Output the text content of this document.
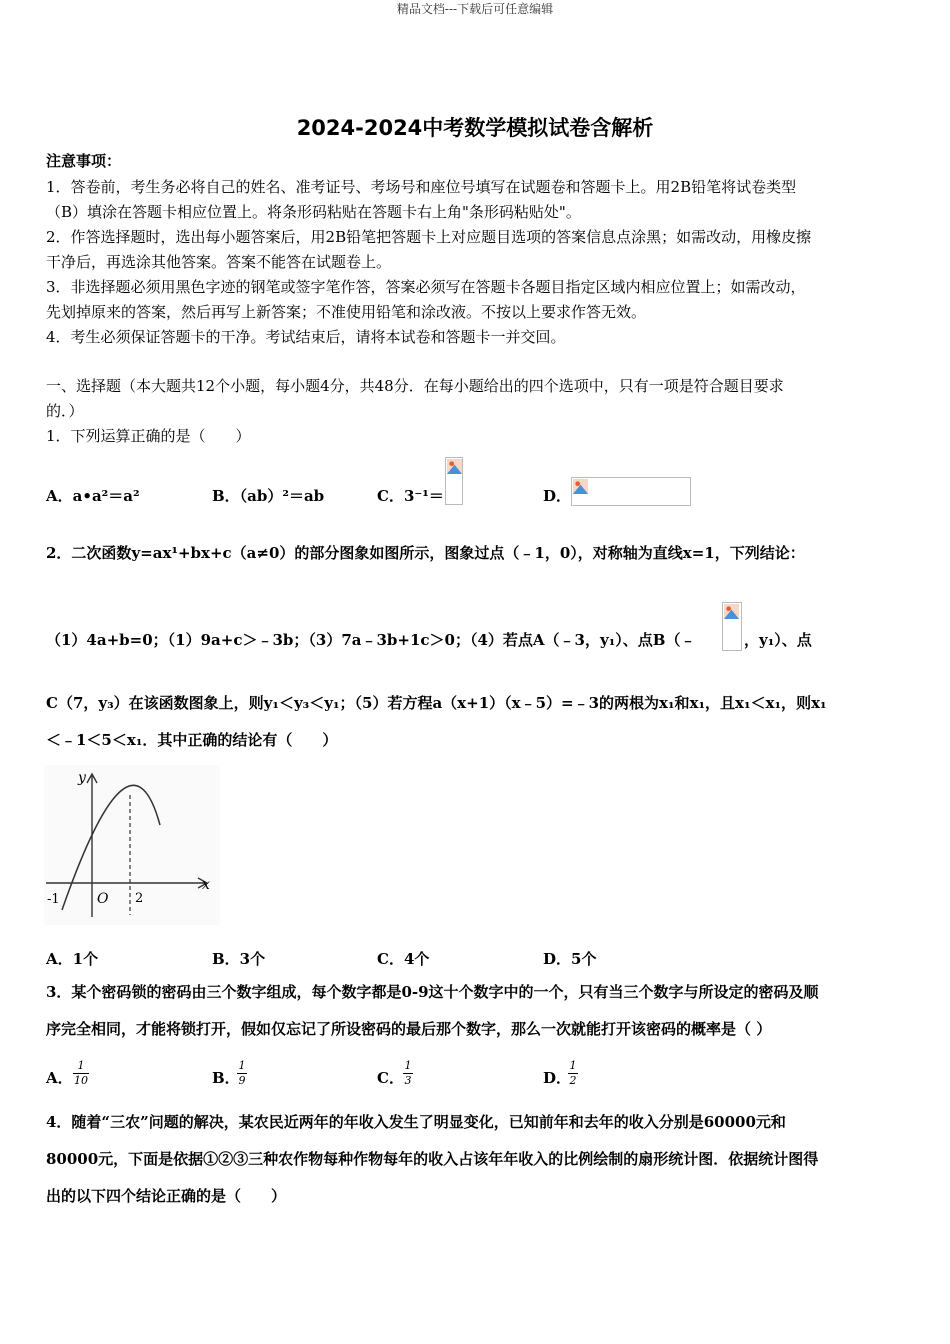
精品文档---下载后可任意编辑
2024-2024中考数学模拟试卷含解析
注意事项：
1．答卷前，考生务必将自己的姓名、准考证号、考场号和座位号填写在试题卷和答题卡上。用2B铅笔将试卷类型
（B）填涂在答题卡相应位置上。将条形码粘贴在答题卡右上角"条形码粘贴处"。
2．作答选择题时，选出每小题答案后，用2B铅笔把答题卡上对应题目选项的答案信息点涂黑；如需改动，用橡皮擦
干净后，再选涂其他答案。答案不能答在试题卷上。
3．非选择题必须用黑色字迹的钢笔或签字笔作答，答案必须写在答题卡各题目指定区域内相应位置上；如需改动，
先划掉原来的答案，然后再写上新答案；不准使用铅笔和涂改液。不按以上要求作答无效。
4．考生必须保证答题卡的干净。考试结束后，请将本试卷和答题卡一并交回。
一、选择题（本大题共12个小题，每小题4分，共48分．在每小题给出的四个选项中，只有一项是符合题目要求
的．）
1．下列运算正确的是（　　）
A．a•a²＝a²	B．（ab）²＝ab	C．3⁻¹＝	D．
2．二次函数y=ax¹+bx+c（a≠0）的部分图象如图所示，图象过点（﹣1，0），对称轴为直线x=1，下列结论：
（1）4a+b=0；（1）9a+c＞﹣3b；（3）7a﹣3b+1c＞0；（4）若点A（﹣3，y₁）、点B（﹣	，y₁）、点
C（7，y₃）在该函数图象上，则y₁＜y₃＜y₁；（5）若方程a（x+1）（x﹣5）=﹣3的两根为x₁和x₁，且x₁＜x₁，则x₁
＜﹣1＜5＜x₁．其中正确的结论有（　　）
y
x
-1	O 2
A．1个	B．3个	C．4个	D．5个
3．某个密码锁的密码由三个数字组成，每个数字都是0-9这十个数字中的一个，只有当三个数字与所设定的密码及顺
序完全相同，才能将锁打开，假如仅忘记了所设密码的最后那个数字，那么一次就能打开该密码的概率是（ ）
A．
1
10	B．
1
9	C．
1
3	D．
1
2
4．随着“三农”问题的解决，某农民近两年的年收入发生了明显变化，已知前年和去年的收入分别是60000元和
80000元，下面是依据①②③三种农作物每种作物每年的收入占该年年收入的比例绘制的扇形统计图．依据统计图得
出的以下四个结论正确的是（　　）
